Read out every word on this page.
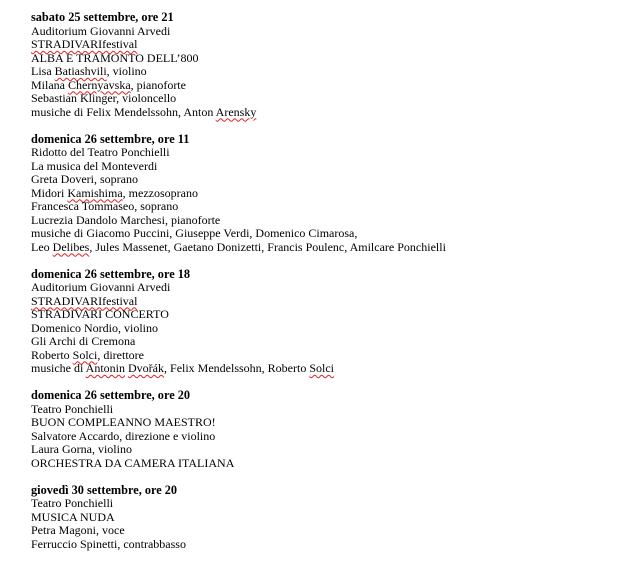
sabato 25 settembre, ore 21
Auditorium Giovanni Arvedi
STRADIVARIfestival
ALBA E TRAMONTO DELL’800
Lisa Batiashvili, violino
Milana Chernyavska, pianoforte
Sebastian Klinger, violoncello
musiche di Felix Mendelssohn, Anton Arensky
domenica 26 settembre, ore 11
Ridotto del Teatro Ponchielli
La musica del Monteverdi
Greta Doveri, soprano
Midori Kamishima, mezzosoprano
Francesca Tommaseo, soprano
Lucrezia Dandolo Marchesi, pianoforte
musiche di Giacomo Puccini, Giuseppe Verdi, Domenico Cimarosa,
Leo Delibes, Jules Massenet, Gaetano Donizetti, Francis Poulenc, Amilcare Ponchielli
domenica 26 settembre, ore 18
Auditorium Giovanni Arvedi
STRADIVARIfestival
STRADIVARI CONCERTO
Domenico Nordio, violino
Gli Archi di Cremona
Roberto Solci, direttore
musiche di Antonin Dvořák, Felix Mendelssohn, Roberto Solci
domenica 26 settembre, ore 20
Teatro Ponchielli
BUON COMPLEANNO MAESTRO!
Salvatore Accardo, direzione e violino
Laura Gorna, violino
ORCHESTRA DA CAMERA ITALIANA
giovedì 30 settembre, ore 20
Teatro Ponchielli
MUSICA NUDA
Petra Magoni, voce
Ferruccio Spinetti, contrabbasso
